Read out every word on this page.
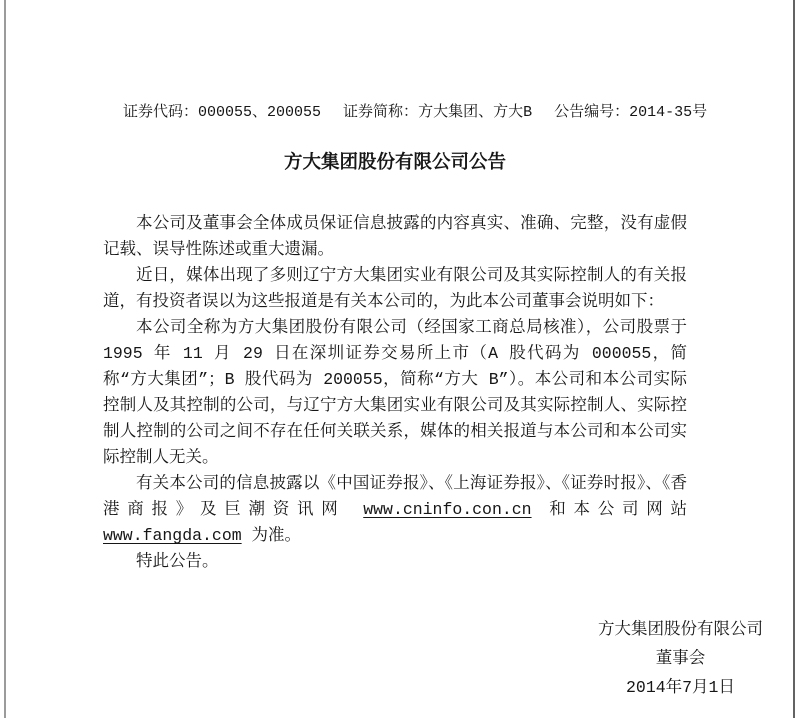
证券代码：000055、200055 证券简称：方大集团、方大B 公告编号：2014-35号
方大集团股份有限公司公告

本公司及董事会全体成员保证信息披露的内容真实、准确、完整，没有虚假记载、误导性陈述或重大遗漏。

近日，媒体出现了多则辽宁方大集团实业有限公司及其实际控制人的有关报道，有投资者误以为这些报道是有关本公司的，为此本公司董事会说明如下：

本公司全称为方大集团股份有限公司（经国家工商总局核准），公司股票于1995 年 11 月 29 日在深圳证券交易所上市（A 股代码为 000055，简称“方大集团”；B 股代码为 200055，简称“方大 B”）。本公司和本公司实际控制人及其控制的公司，与辽宁方大集团实业有限公司及其实际控制人、实际控制人控制的公司之间不存在任何关联关系，媒体的相关报道与本公司和本公司实际控制人无关。

有关本公司的信息披露以《中国证券报》、《上海证券报》、《证券时报》、《香港商报》及巨潮资讯网 www.cninfo.con.cn 和本公司网站 www.fangda.com 为准。

特此公告。

方大集团股份有限公司
董事会
2014年7月1日
